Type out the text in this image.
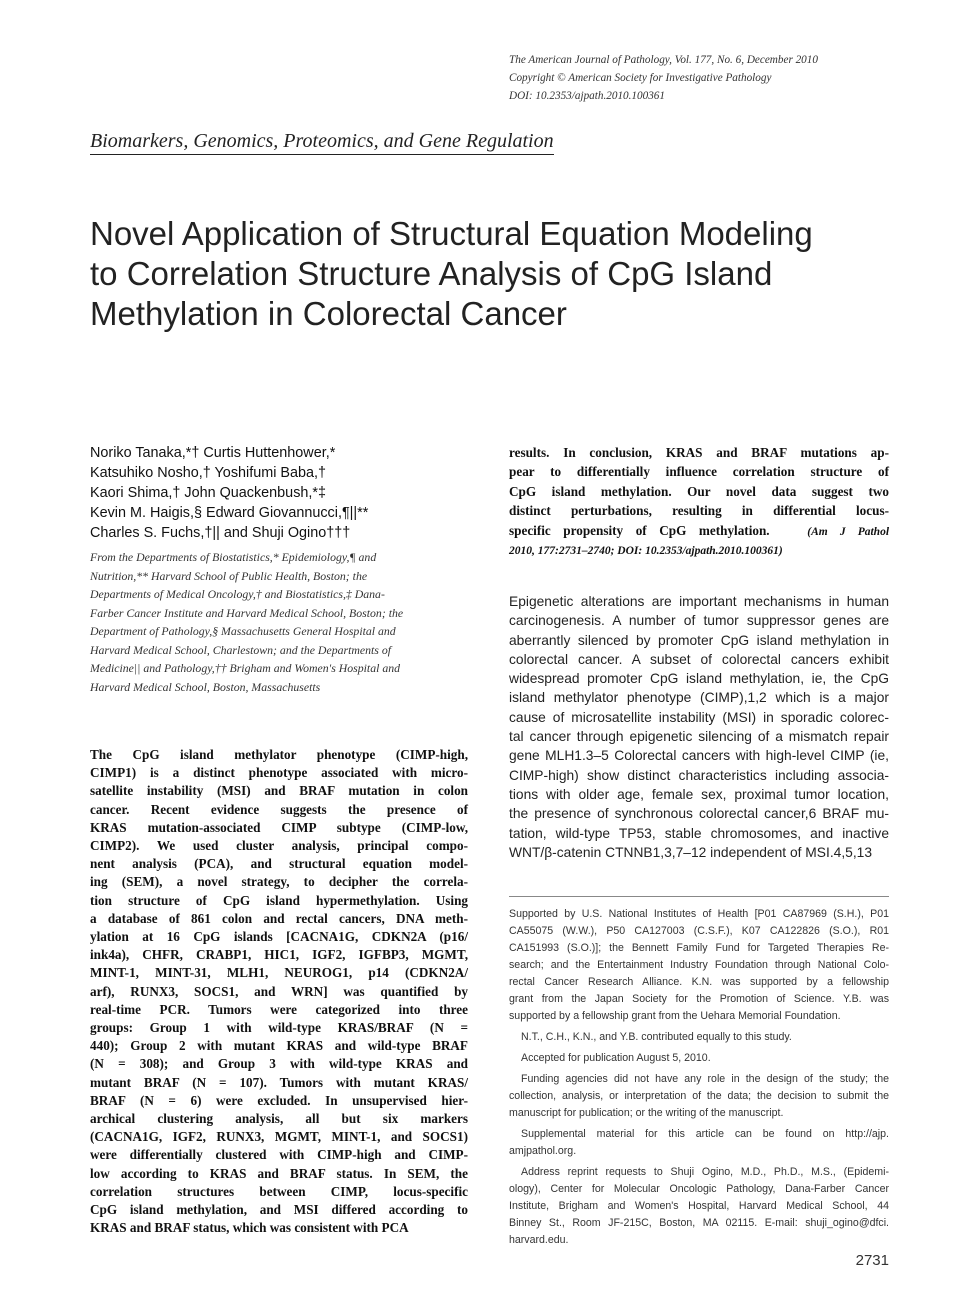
The American Journal of Pathology, Vol. 177, No. 6, December 2010
Copyright © American Society for Investigative Pathology
DOI: 10.2353/ajpath.2010.100361
Biomarkers, Genomics, Proteomics, and Gene Regulation
Novel Application of Structural Equation Modeling
to Correlation Structure Analysis of CpG Island
Methylation in Colorectal Cancer
Noriko Tanaka,*† Curtis Huttenhower,*
Katsuhiko Nosho,† Yoshifumi Baba,†
Kaori Shima,† John Quackenbush,*‡
Kevin M. Haigis,§ Edward Giovannucci,¶||**
Charles S. Fuchs,†|| and Shuji Ogino†††
From the Departments of Biostatistics,* Epidemiology,¶ and
Nutrition,** Harvard School of Public Health, Boston; the
Departments of Medical Oncology,† and Biostatistics,‡ Dana-
Farber Cancer Institute and Harvard Medical School, Boston; the
Department of Pathology,§ Massachusetts General Hospital and
Harvard Medical School, Charlestown; and the Departments of
Medicine|| and Pathology,†† Brigham and Women's Hospital and
Harvard Medical School, Boston, Massachusetts
The CpG island methylator phenotype (CIMP-high,
CIMP1) is a distinct phenotype associated with micro-
satellite instability (MSI) and BRAF mutation in colon
cancer. Recent evidence suggests the presence of
KRAS mutation-associated CIMP subtype (CIMP-low,
CIMP2). We used cluster analysis, principal compo-
nent analysis (PCA), and structural equation model-
ing (SEM), a novel strategy, to decipher the correla-
tion structure of CpG island hypermethylation. Using
a database of 861 colon and rectal cancers, DNA meth-
ylation at 16 CpG islands [CACNA1G, CDKN2A (p16/
ink4a), CHFR, CRABP1, HIC1, IGF2, IGFBP3, MGMT,
MINT-1, MINT-31, MLH1, NEUROG1, p14 (CDKN2A/
arf), RUNX3, SOCS1, and WRN] was quantified by
real-time PCR. Tumors were categorized into three
groups: Group 1 with wild-type KRAS/BRAF (N =
440); Group 2 with mutant KRAS and wild-type BRAF
(N = 308); and Group 3 with wild-type KRAS and
mutant BRAF (N = 107). Tumors with mutant KRAS/
BRAF (N = 6) were excluded. In unsupervised hier-
archical clustering analysis, all but six markers
(CACNA1G, IGF2, RUNX3, MGMT, MINT-1, and SOCS1)
were differentially clustered with CIMP-high and CIMP-
low according to KRAS and BRAF status. In SEM, the
correlation structures between CIMP, locus-specific
CpG island methylation, and MSI differed according to
KRAS and BRAF status, which was consistent with PCA
results. In conclusion, KRAS and BRAF mutations ap-
pear to differentially influence correlation structure of
CpG island methylation. Our novel data suggest two
distinct perturbations, resulting in differential locus-
specific propensity of CpG methylation.	(Am J Pathol
2010, 177:2731–2740; DOI: 10.2353/ajpath.2010.100361)
Epigenetic alterations are important mechanisms in human
carcinogenesis. A number of tumor suppressor genes are
aberrantly silenced by promoter CpG island methylation in
colorectal cancer. A subset of colorectal cancers exhibit
widespread promoter CpG island methylation, ie, the CpG
island methylator phenotype (CIMP),1,2 which is a major
cause of microsatellite instability (MSI) in sporadic colorec-
tal cancer through epigenetic silencing of a mismatch repair
gene MLH1.3–5 Colorectal cancers with high-level CIMP (ie,
CIMP-high) show distinct characteristics including associa-
tions with older age, female sex, proximal tumor location,
the presence of synchronous colorectal cancer,6 BRAF mu-
tation, wild-type TP53, stable chromosomes, and inactive
WNT/β-catenin CTNNB1,3,7–12 independent of MSI.4,5,13
Supported by U.S. National Institutes of Health [P01 CA87969 (S.H.), P01
CA55075 (W.W.), P50 CA127003 (C.S.F.), K07 CA122826 (S.O.), R01
CA151993 (S.O.)]; the Bennett Family Fund for Targeted Therapies Re-
search; and the Entertainment Industry Foundation through National Colo-
rectal Cancer Research Alliance. K.N. was supported by a fellowship
grant from the Japan Society for the Promotion of Science. Y.B. was
supported by a fellowship grant from the Uehara Memorial Foundation.
N.T., C.H., K.N., and Y.B. contributed equally to this study.
Accepted for publication August 5, 2010.
Funding agencies did not have any role in the design of the study; the
collection, analysis, or interpretation of the data; the decision to submit the
manuscript for publication; or the writing of the manuscript.
Supplemental material for this article can be found on http://ajp.
amjpathol.org.
Address reprint requests to Shuji Ogino, M.D., Ph.D., M.S., (Epidemi-
ology), Center for Molecular Oncologic Pathology, Dana-Farber Cancer
Institute, Brigham and Women's Hospital, Harvard Medical School, 44
Binney St., Room JF-215C, Boston, MA 02115. E-mail: shuji_ogino@dfci.
harvard.edu.
2731
